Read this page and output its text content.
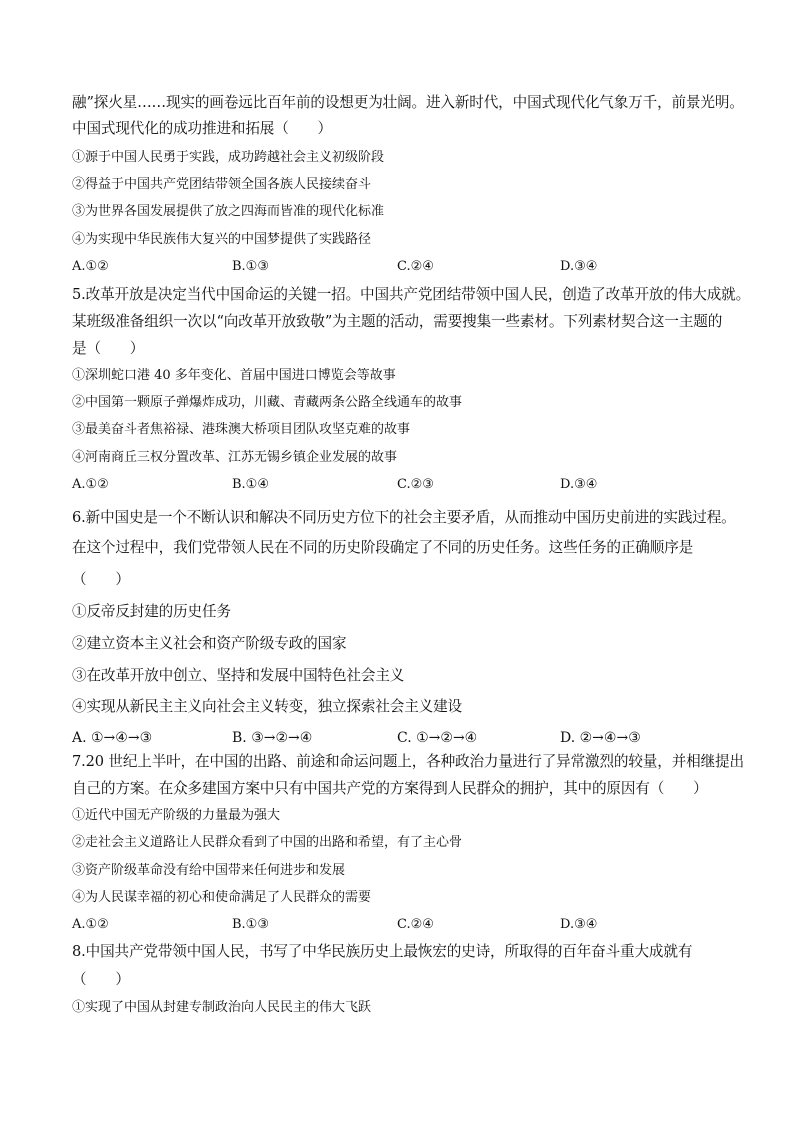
融”探火星……现实的画卷远比百年前的设想更为壮阔。进入新时代，中国式现代化气象万千，前景光明。
中国式现代化的成功推进和拓展（　　）
①源于中国人民勇于实践，成功跨越社会主义初级阶段
②得益于中国共产党团结带领全国各族人民接续奋斗
③为世界各国发展提供了放之四海而皆准的现代化标准
④为实现中华民族伟大复兴的中国梦提供了实践路径
A.①②	B.①③	C.②④	D.③④
5.改革开放是决定当代中国命运的关键一招。中国共产党团结带领中国人民，创造了改革开放的伟大成就。
某班级准备组织一次以“向改革开放致敬”为主题的活动，需要搜集一些素材。下列素材契合这一主题的
是（　　）
①深圳蛇口港 40 多年变化、首届中国进口博览会等故事
②中国第一颗原子弹爆炸成功，川藏、青藏两条公路全线通车的故事
③最美奋斗者焦裕禄、港珠澳大桥项目团队攻坚克难的故事
④河南商丘三权分置改革、江苏无锡乡镇企业发展的故事
A.①②	B.①④	C.②③	D.③④
6.新中国史是一个不断认识和解决不同历史方位下的社会主要矛盾，从而推动中国历史前进的实践过程。
在这个过程中，我们党带领人民在不同的历史阶段确定了不同的历史任务。这些任务的正确顺序是
（　　）
①反帝反封建的历史任务
②建立资本主义社会和资产阶级专政的国家
③在改革开放中创立、坚持和发展中国特色社会主义
④实现从新民主主义向社会主义转变，独立探索社会主义建设
A. ①→④→③	B. ③→②→④	C. ①→②→④	D. ②→④→③
7.20 世纪上半叶，在中国的出路、前途和命运问题上，各种政治力量进行了异常激烈的较量，并相继提出
自己的方案。在众多建国方案中只有中国共产党的方案得到人民群众的拥护，其中的原因有（　　）
①近代中国无产阶级的力量最为强大
②走社会主义道路让人民群众看到了中国的出路和希望，有了主心骨
③资产阶级革命没有给中国带来任何进步和发展
④为人民谋幸福的初心和使命满足了人民群众的需要
A.①②	B.①③	C.②④	D.③④
8.中国共产党带领中国人民，书写了中华民族历史上最恢宏的史诗，所取得的百年奋斗重大成就有
（　　）
①实现了中国从封建专制政治向人民民主的伟大飞跃
